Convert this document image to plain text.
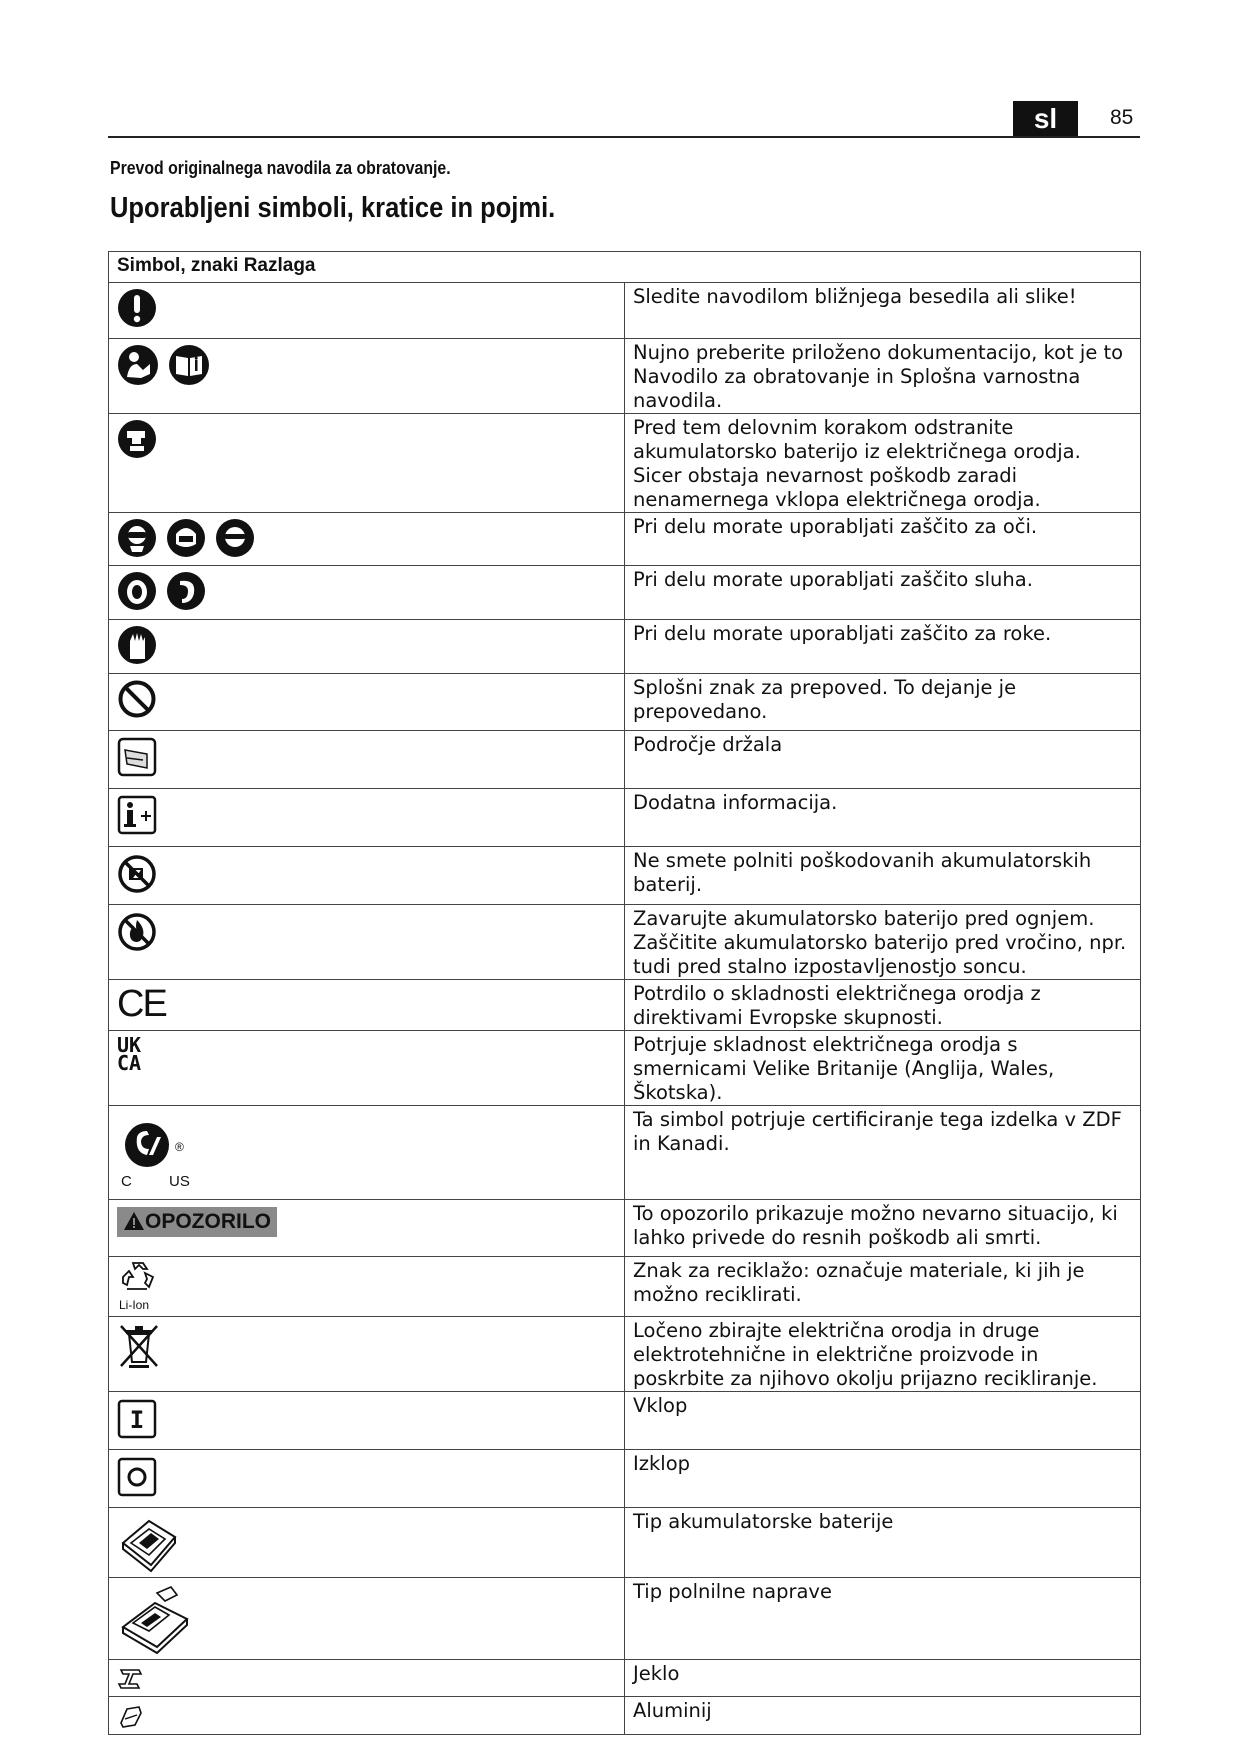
sl	85
Prevod originalnega navodila za obratovanje.
Uporabljeni simboli, kratice in pojmi.
Simbol, znaki Razlaga	
	Sledite navodilom bližnjega besedila ali slike!
	Nujno preberite priloženo dokumentacijo, kot je to Navodilo za obratovanje in Splošna varnostna navodila.
	Pred tem delovnim korakom odstranite akumulatorsko baterijo iz električnega orodja. Sicer obstaja nevarnost poškodb zaradi nenamernega vklopa električnega orodja.
	Pri delu morate uporabljati zaščito za oči.
	Pri delu morate uporabljati zaščito sluha.
	Pri delu morate uporabljati zaščito za roke.
	Splošni znak za prepoved. To dejanje je prepovedano.
	Področje držala
	Dodatna informacija.
	Ne smete polniti poškodovanih akumulatorskih baterij.
	Zavarujte akumulatorsko baterijo pred ognjem. Zaščitite akumulatorsko baterijo pred vročino, npr. tudi pred stalno izpostavljenostjo soncu.
CE	Potrdilo o skladnosti električnega orodja z direktivami Evropske skupnosti.

UK
CA	Potrjuje skladnost električnega orodja s smernicami Velike Britanije (Anglija, Wales, Škotska).

®
C US	Ta simbol potrjuje certificiranje tega izdelka v ZDF in Kanadi.
OPOZORILO	To opozorilo prikazuje možno nevarno situacijo, ki lahko privede do resnih poškodb ali smrti.

Li-Ion	Znak za reciklažo: označuje materiale, ki jih je možno reciklirati.
	Ločeno zbirajte električna orodja in druge elektrotehnične in električne proizvode in poskrbite za njihovo okolju prijazno recikliranje.

I	Vklop
	Izklop
	Tip akumulatorske baterije
	Tip polnilne naprave
	Jeklo
	Aluminij
